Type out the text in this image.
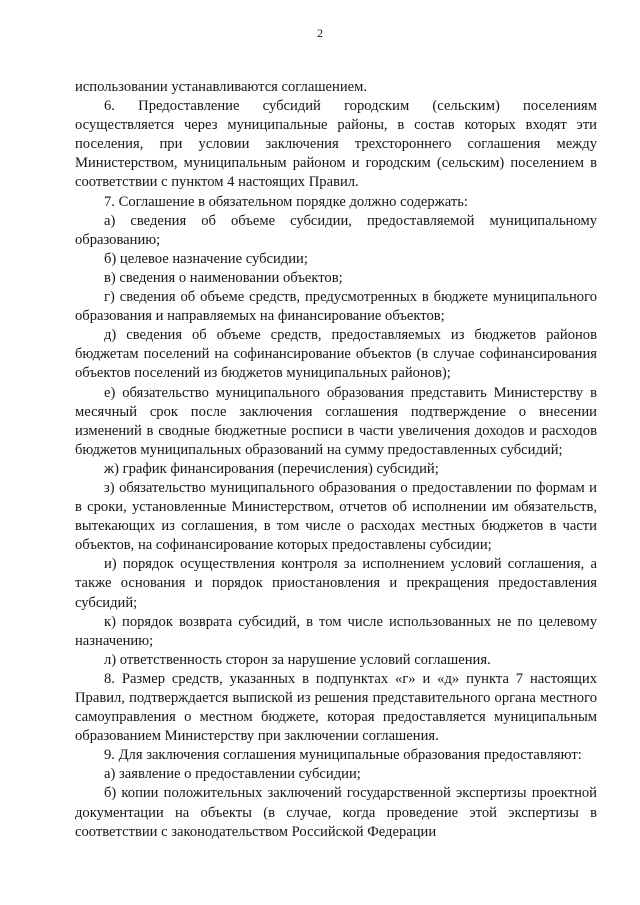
2

использовании устанавливаются соглашением.

6. Предоставление субсидий городским (сельским) поселениям осуществляется через муниципальные районы, в состав которых входят эти поселения, при условии заключения трехстороннего соглашения между Министерством, муниципальным районом и городским (сельским) поселением в соответствии с пунктом 4 настоящих Правил.

7. Соглашение в обязательном порядке должно содержать:

а) сведения об объеме субсидии, предоставляемой муниципальному образованию;

б) целевое назначение субсидии;

в) сведения о наименовании объектов;

г) сведения об объеме средств, предусмотренных в бюджете муниципального образования и направляемых на финансирование объектов;

д) сведения об объеме средств, предоставляемых из бюджетов районов бюджетам поселений на софинансирование объектов (в случае софинансирования объектов поселений из бюджетов муниципальных районов);

е) обязательство муниципального образования представить Министерству в месячный срок после заключения соглашения подтверждение о внесении изменений в сводные бюджетные росписи в части увеличения доходов и расходов бюджетов муниципальных образований на сумму предоставленных субсидий;

ж) график финансирования (перечисления) субсидий;

з) обязательство муниципального образования о предоставлении по формам и в сроки, установленные Министерством, отчетов об исполнении им обязательств, вытекающих из соглашения, в том числе о расходах местных бюджетов в части объектов, на софинансирование которых предоставлены субсидии;

и) порядок осуществления контроля за исполнением условий соглашения, а также основания и порядок приостановления и прекращения предоставления субсидий;

к) порядок возврата субсидий, в том числе использованных не по целевому назначению;

л) ответственность сторон за нарушение условий соглашения.

8. Размер средств, указанных в подпунктах «г» и «д» пункта 7 настоящих Правил, подтверждается выпиской из решения представительного органа местного самоуправления о местном бюджете, которая предоставляется муниципальным образованием Министерству при заключении соглашения.

9. Для заключения соглашения муниципальные образования предоставляют:

а) заявление о предоставлении субсидии;

б) копии положительных заключений государственной экспертизы проектной документации на объекты (в случае, когда проведение этой экспертизы в соответствии с законодательством Российской Федерации
